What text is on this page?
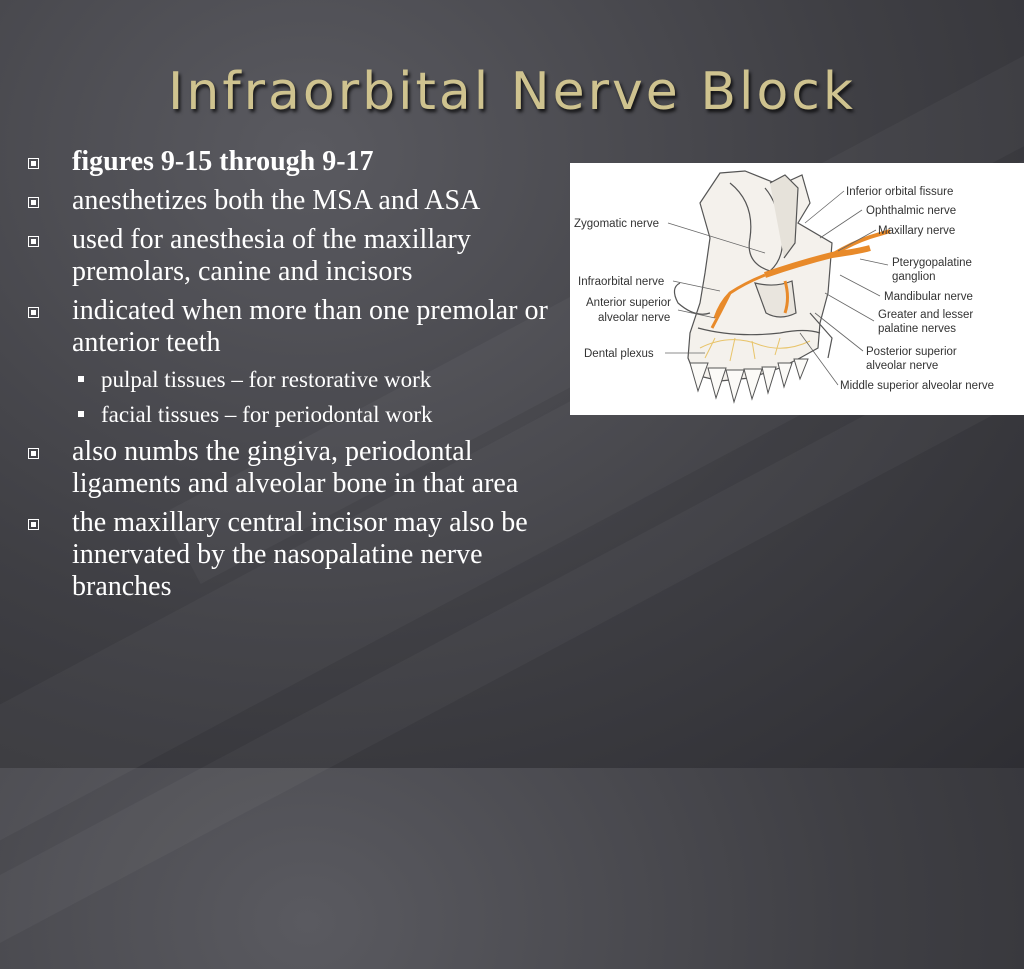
Infraorbital Nerve Block
figures 9-15 through 9-17
anesthetizes both the MSA and ASA
used for anesthesia of the maxillary premolars, canine and incisors
indicated when more than one premolar or anterior teeth
pulpal tissues – for restorative work
facial tissues – for periodontal work
also numbs the gingiva, periodontal ligaments and alveolar bone in that area
the maxillary central incisor may also be innervated by the nasopalatine nerve branches
Inferior orbital fissure
Ophthalmic nerve
Maxillary nerve
Zygomatic nerve
Pterygopalatine
ganglion
Infraorbital nerve
Mandibular nerve
Anterior superior
alveolar nerve	Greater and lesser
palatine nerves
Dental plexus	Posterior superior
alveolar nerve
Middle superior alveolar nerve
